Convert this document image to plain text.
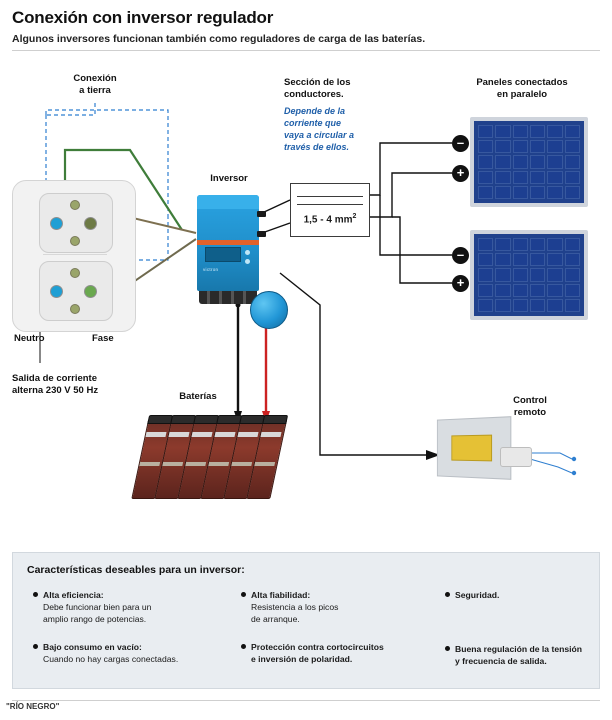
Conexión con inversor regulador
Algunos inversores funcionan también como reguladores de carga de las baterías.
Conexión
a tierra
Sección de los
conductores.
Depende de la
corriente que
vaya a circular a
través de ellos.
Paneles conectados
en paralelo
Inversor
Neutro	Fase
Salida de corriente
alterna 230 V 50 Hz
victron
1,5 - 4 $mm^2$
–
+
–
+
Baterías	Control
remoto
Características deseables para un inversor:
Alta eficiencia:
Debe funcionar bien para un
amplio rango de potencias.
Bajo consumo en vacío:
Cuando no hay cargas conectadas.
Alta fiabilidad:
Resistencia a los picos
de arranque.
Protección contra cortocircuitos
e inversión de polaridad.
Seguridad.
Buena regulación de la tensión
y frecuencia de salida.
"RÍO NEGRO"
